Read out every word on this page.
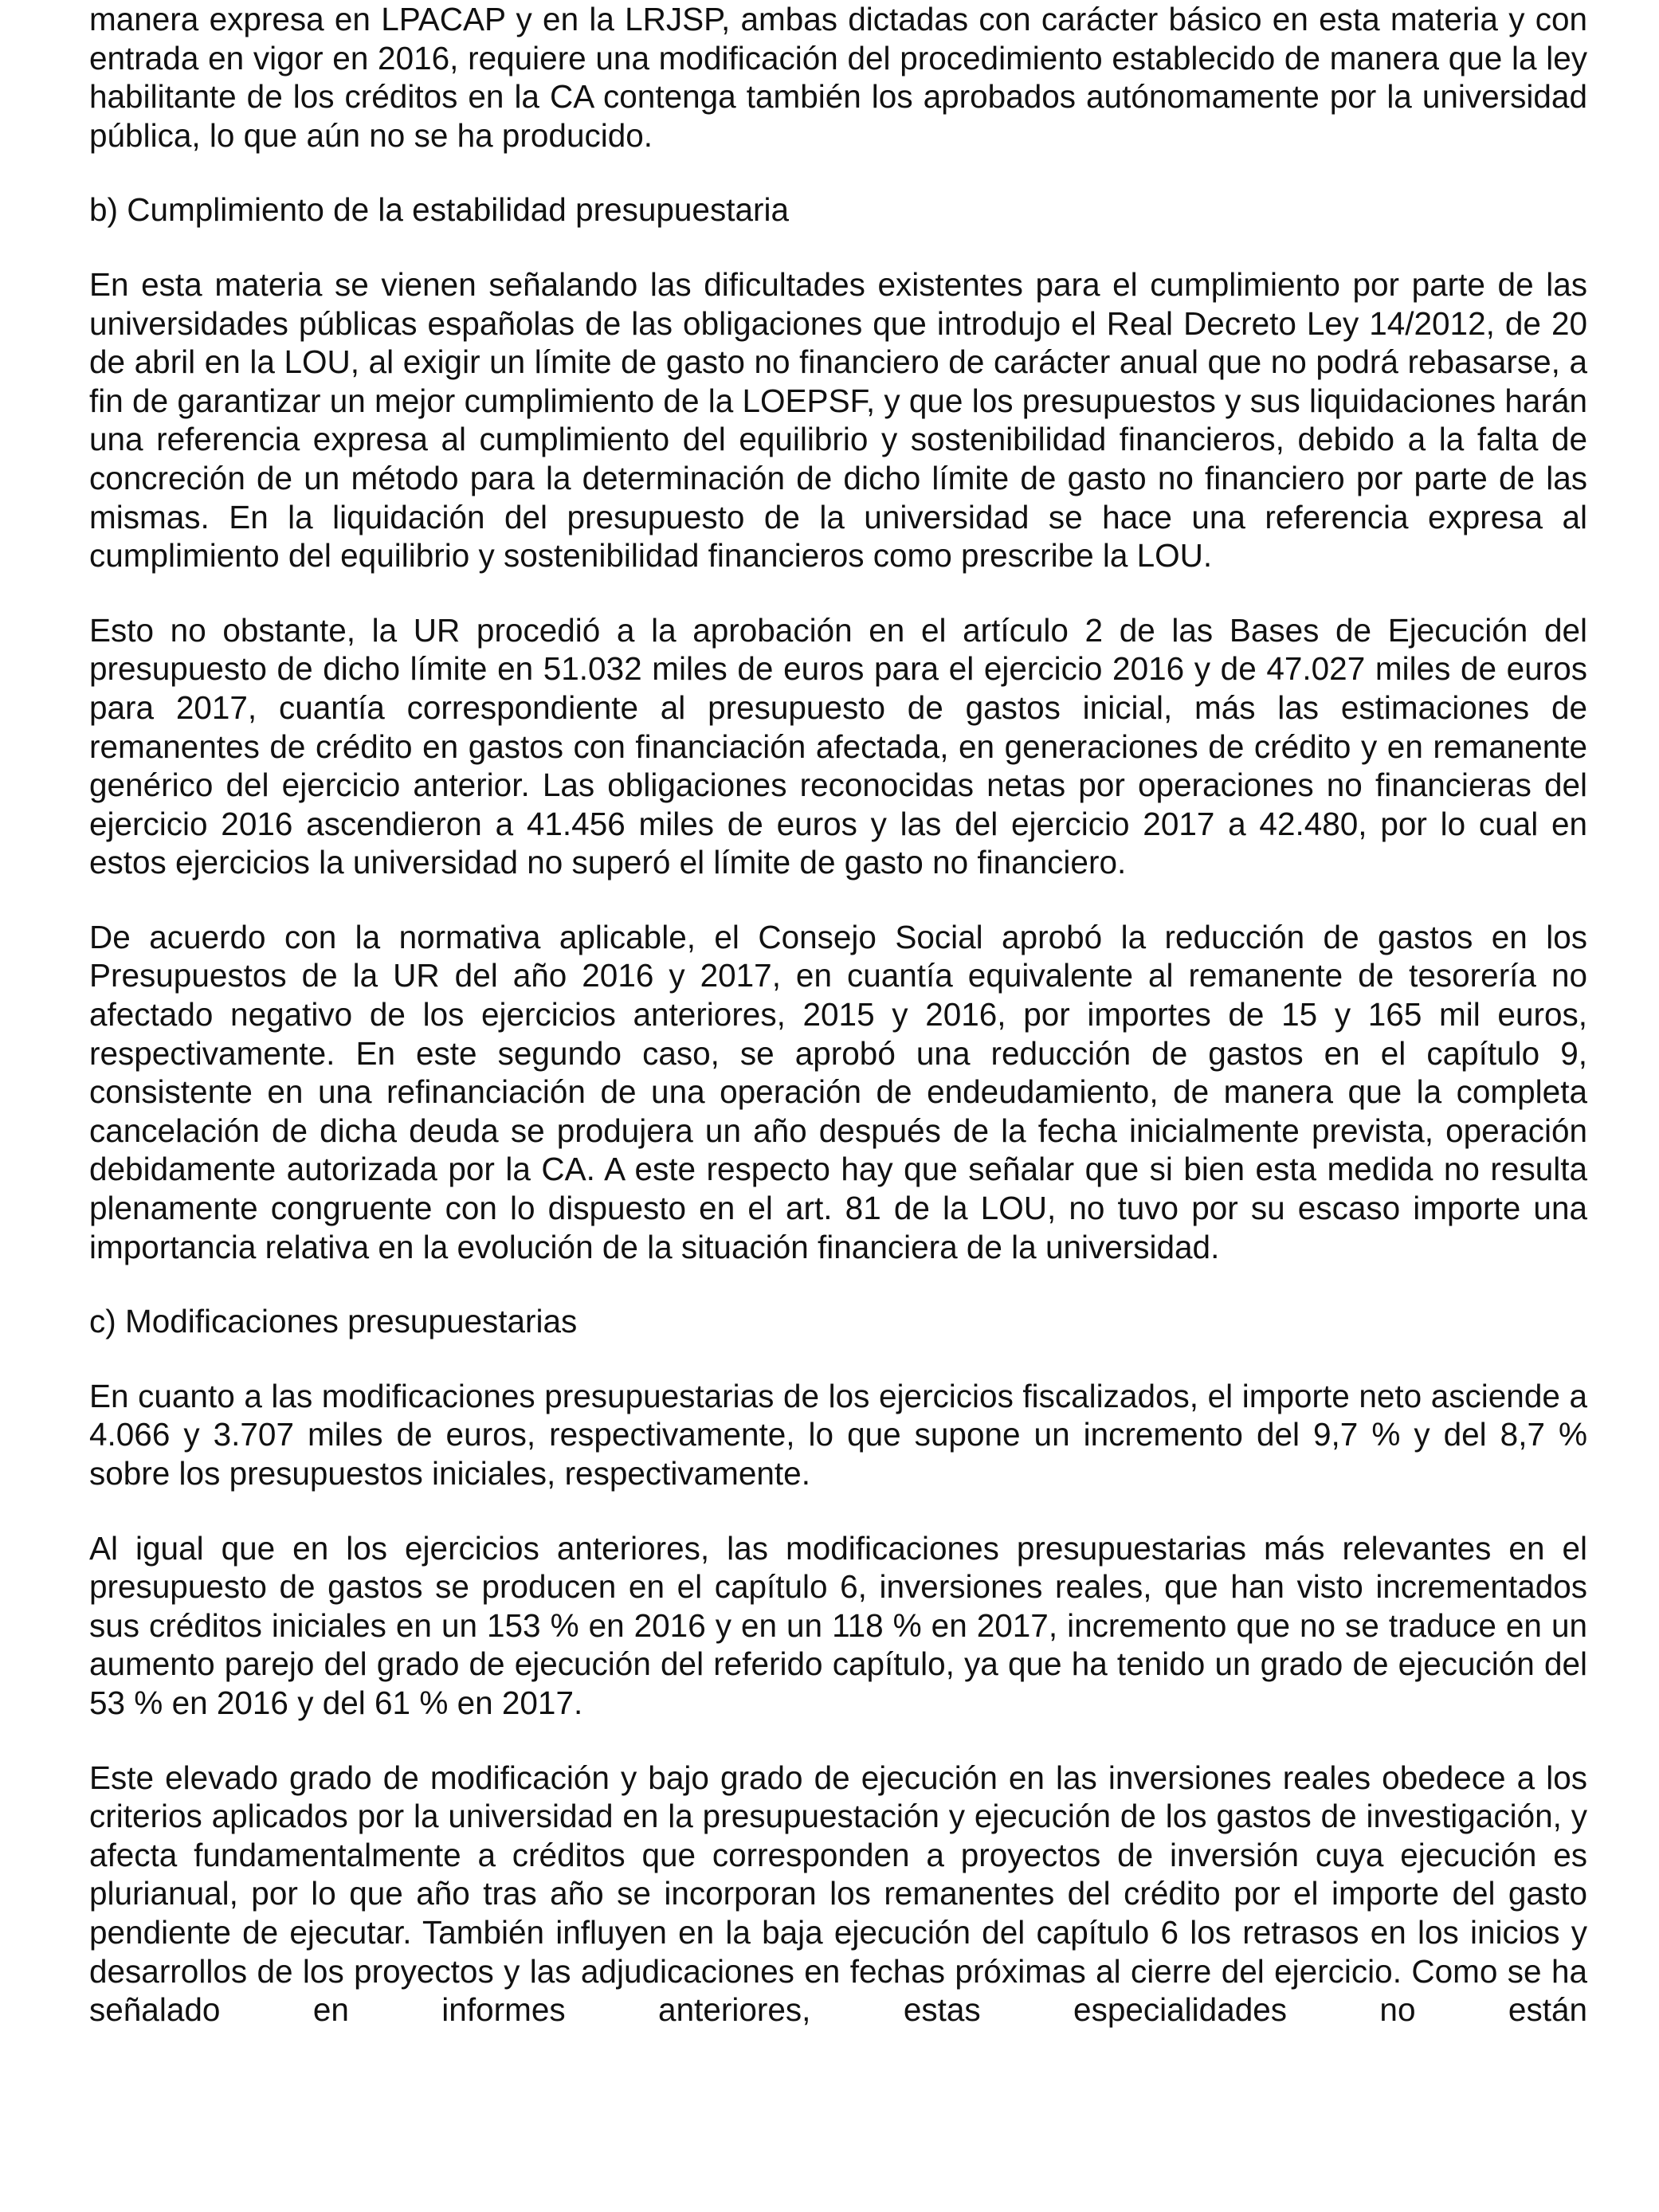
manera expresa en LPACAP y en la LRJSP, ambas dictadas con carácter básico en esta materia y con entrada en vigor en 2016, requiere una modificación del procedimiento establecido de manera que la ley habilitante de los créditos en la CA contenga también los aprobados autónomamente por la universidad pública, lo que aún no se ha producido.

b) Cumplimiento de la estabilidad presupuestaria

En esta materia se vienen señalando las dificultades existentes para el cumplimiento por parte de las universidades públicas españolas de las obligaciones que introdujo el Real Decreto Ley 14/2012, de 20 de abril en la LOU, al exigir un límite de gasto no financiero de carácter anual que no podrá rebasarse, a fin de garantizar un mejor cumplimiento de la LOEPSF, y que los presupuestos y sus liquidaciones harán una referencia expresa al cumplimiento del equilibrio y sostenibilidad financieros, debido a la falta de concreción de un método para la determinación de dicho límite de gasto no financiero por parte de las mismas. En la liquidación del presupuesto de la universidad se hace una referencia expresa al cumplimiento del equilibrio y sostenibilidad financieros como prescribe la LOU.

Esto no obstante, la UR procedió a la aprobación en el artículo 2 de las Bases de Ejecución del presupuesto de dicho límite en 51.032 miles de euros para el ejercicio 2016 y de 47.027 miles de euros para 2017, cuantía correspondiente al presupuesto de gastos inicial, más las estimaciones de remanentes de crédito en gastos con financiación afectada, en generaciones de crédito y en remanente genérico del ejercicio anterior. Las obligaciones reconocidas netas por operaciones no financieras del ejercicio 2016 ascendieron a 41.456 miles de euros y las del ejercicio 2017 a 42.480, por lo cual en estos ejercicios la universidad no superó el límite de gasto no financiero.

De acuerdo con la normativa aplicable, el Consejo Social aprobó la reducción de gastos en los Presupuestos de la UR del año 2016 y 2017, en cuantía equivalente al remanente de tesorería no afectado negativo de los ejercicios anteriores, 2015 y 2016, por importes de 15 y 165 mil euros, respectivamente. En este segundo caso, se aprobó una reducción de gastos en el capítulo 9, consistente en una refinanciación de una operación de endeudamiento, de manera que la completa cancelación de dicha deuda se produjera un año después de la fecha inicialmente prevista, operación debidamente autorizada por la CA. A este respecto hay que señalar que si bien esta medida no resulta plenamente congruente con lo dispuesto en el art. 81 de la LOU, no tuvo por su escaso importe una importancia relativa en la evolución de la situación financiera de la universidad.

c) Modificaciones presupuestarias

En cuanto a las modificaciones presupuestarias de los ejercicios fiscalizados, el importe neto asciende a 4.066 y 3.707 miles de euros, respectivamente, lo que supone un incremento del 9,7 % y del 8,7 % sobre los presupuestos iniciales, respectivamente.

Al igual que en los ejercicios anteriores, las modificaciones presupuestarias más relevantes en el presupuesto de gastos se producen en el capítulo 6, inversiones reales, que han visto incrementados sus créditos iniciales en un 153 % en 2016 y en un 118 % en 2017, incremento que no se traduce en un aumento parejo del grado de ejecución del referido capítulo, ya que ha tenido un grado de ejecución del 53 % en 2016 y del 61 % en 2017.

Este elevado grado de modificación y bajo grado de ejecución en las inversiones reales obedece a los criterios aplicados por la universidad en la presupuestación y ejecución de los gastos de investigación, y afecta fundamentalmente a créditos que corresponden a proyectos de inversión cuya ejecución es plurianual, por lo que año tras año se incorporan los remanentes del crédito por el importe del gasto pendiente de ejecutar. También influyen en la baja ejecución del capítulo 6 los retrasos en los inicios y desarrollos de los proyectos y las adjudicaciones en fechas próximas al cierre del ejercicio. Como se ha señalado en informes anteriores, estas especialidades no están
